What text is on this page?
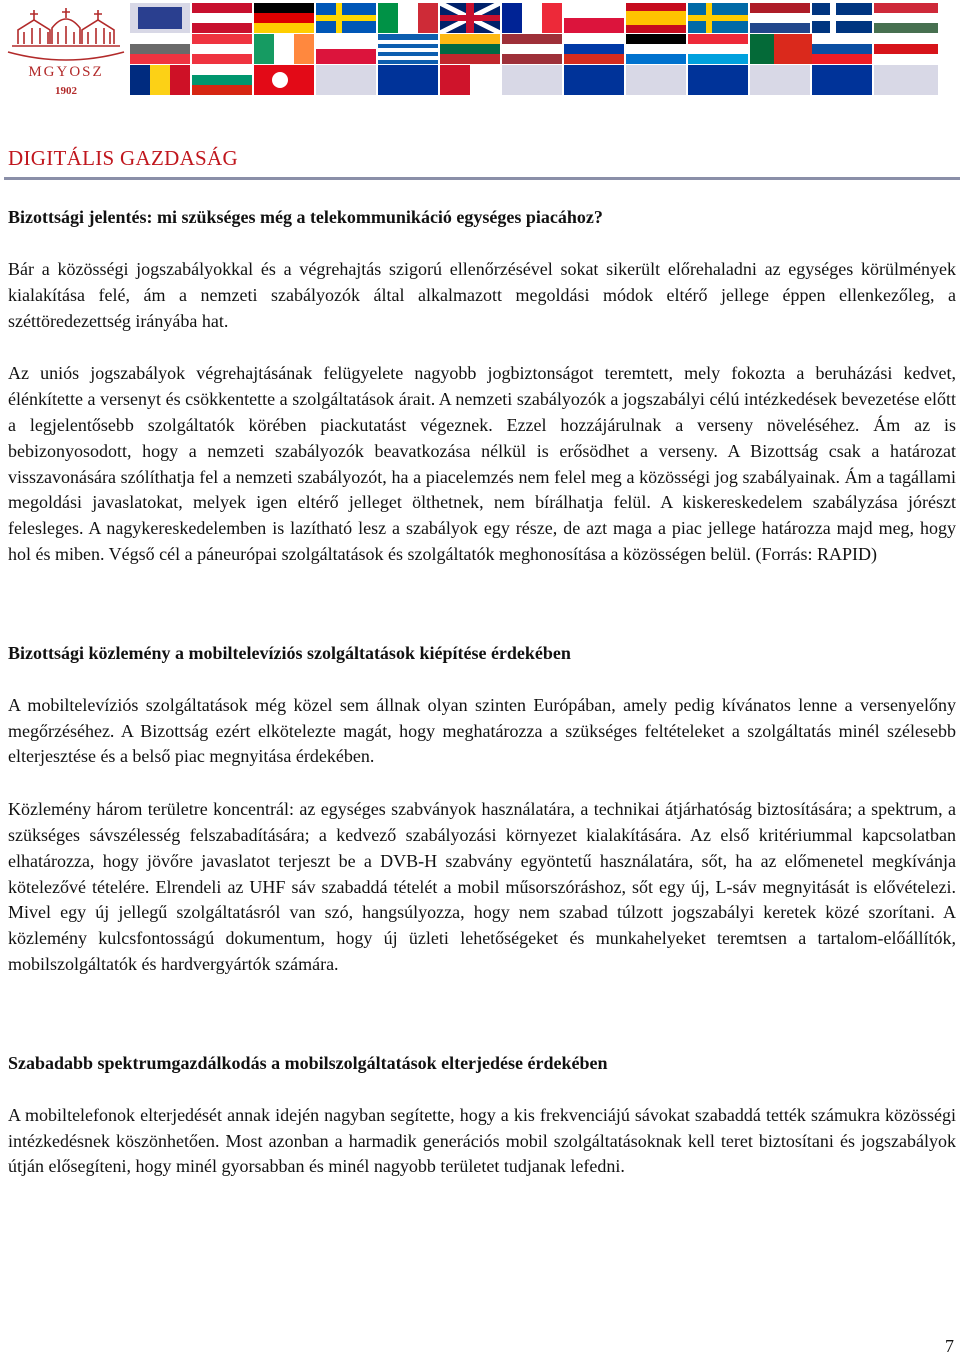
MGYOSZ
1902
DIGITÁLIS GAZDASÁG
Bizottsági jelentés: mi szükséges még a telekommunikáció egységes piacához?

Bár a közösségi jogszabályokkal és a végrehajtás szigorú ellenőrzésével sokat sikerült előrehaladni az egységes körülmények kialakítása felé, ám a nemzeti szabályozók által alkalmazott megoldási módok eltérő jellege éppen ellenkezőleg, a széttöredezettség irányába hat.

Az uniós jogszabályok végrehajtásának felügyelete nagyobb jogbiztonságot teremtett, mely fokozta a beruházási kedvet, élénkítette a versenyt és csökkentette a szolgáltatások árait. A nemzeti szabályozók a jogszabályi célú intézkedések bevezetése előtt a legjelentősebb szolgáltatók körében piackutatást végeznek. Ezzel hozzájárulnak a verseny növeléséhez. Ám az is bebizonyosodott, hogy a nemzeti szabályozók beavatkozása nélkül is erősödhet a verseny. A Bizottság csak a határozat visszavonására szólíthatja fel a nemzeti szabályozót, ha a piacelemzés nem felel meg a közösségi jog szabályainak. Ám a tagállami megoldási javaslatokat, melyek igen eltérő jelleget ölthetnek, nem bírálhatja felül. A kiskereskedelem szabályzása jórészt felesleges. A nagykereskedelemben is lazítható lesz a szabályok egy része, de azt maga a piac jellege határozza majd meg, hogy hol és miben. Végső cél a páneurópai szolgáltatások és szolgáltatók meghonosítása a közösségen belül. (Forrás: RAPID)

Bizottsági közlemény a mobiltelevíziós szolgáltatások kiépítése érdekében

A mobiltelevíziós szolgáltatások még közel sem állnak olyan szinten Európában, amely pedig kívánatos lenne a versenyelőny megőrzéséhez. A Bizottság ezért elkötelezte magát, hogy meghatározza a szükséges feltételeket a szolgáltatás minél szélesebb elterjesztése és a belső piac megnyitása érdekében.

Közlemény három területre koncentrál: az egységes szabványok használatára, a technikai átjárhatóság biztosítására; a spektrum, a szükséges sávszélesség felszabadítására; a kedvező szabályozási környezet kialakítására. Az első kritériummal kapcsolatban elhatározza, hogy jövőre javaslatot terjeszt be a DVB-H szabvány egyöntetű használatára, sőt, ha az előmenetel megkívánja kötelezővé tételére. Elrendeli az UHF sáv szabaddá tételét a mobil műsorszóráshoz, sőt egy új, L-sáv megnyitását is elővételezi. Mivel egy új jellegű szolgáltatásról van szó, hangsúlyozza, hogy nem szabad túlzott jogszabályi keretek közé szorítani. A közlemény kulcsfontosságú dokumentum, hogy új üzleti lehetőségeket és munkahelyeket teremtsen a tartalom-előállítók, mobilszolgáltatók és hardvergyártók számára.

Szabadabb spektrumgazdálkodás a mobilszolgáltatások elterjedése érdekében

A mobiltelefonok elterjedését annak idején nagyban segítette, hogy a kis frekvenciájú sávokat szabaddá tették számukra közösségi intézkedésnek köszönhetően. Most azonban a harmadik generációs mobil szolgáltatásoknak kell teret biztosítani és jogszabályok útján elősegíteni, hogy minél gyorsabban és minél nagyobb területet tudjanak lefedni.

7
